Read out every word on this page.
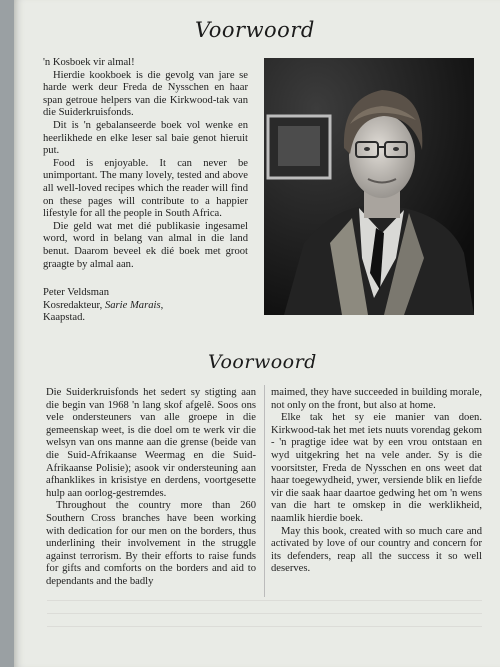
Voorwoord

'n Kosboek vir almal!

Hierdie kookboek is die gevolg van jare se harde werk deur Freda de Nysschen en haar span getroue helpers van die Kirkwood-tak van die Suiderkruisfonds.

Dit is 'n gebalanseerde boek vol wenke en heerlikhede en elke leser sal baie genot hieruit put.

Food is enjoyable. It can never be unimportant. The many lovely, tested and above all well-loved recipes which the reader will find on these pages will contribute to a happier lifestyle for all the people in South Africa.

Die geld wat met dié publikasie ingesamel word, word in belang van almal in die land benut. Daarom beveel ek dié boek met groot graagte by almal aan.

Peter Veldsman
Kosredakteur, Sarie Marais,
Kaapstad.
Voorwoord

Die Suiderkruisfonds het sedert sy stigting aan die begin van 1968 'n lang skof afgelê. Soos ons vele ondersteuners van alle groepe in die gemeenskap weet, is die doel om te werk vir die welsyn van ons manne aan die grense (beide van die Suid-Afrikaanse Weermag en die Suid-Afrikaanse Polisie); asook vir ondersteuning aan afhanklikes in krisistye en derdens, voortgesette hulp aan oorlog-gestremdes.

Throughout the country more than 260 Southern Cross branches have been working with dedication for our men on the borders, thus underlining their involvement in the struggle against terrorism. By their efforts to raise funds for gifts and comforts on the borders and aid to dependants and the badly

maimed, they have succeeded in building morale, not only on the front, but also at home.

Elke tak het sy eie manier van doen. Kirkwood-tak het met iets nuuts vorendag gekom - 'n pragtige idee wat by een vrou ontstaan en wyd uitgekring het na vele ander. Sy is die voorsitster, Freda de Nysschen en ons weet dat haar toegewydheid, ywer, versiende blik en liefde vir die saak haar daartoe gedwing het om 'n wens van die hart te omskep in die werklikheid, naamlik hierdie boek.

May this book, created with so much care and activated by love of our country and concern for its defenders, reap all the success it so well deserves.
